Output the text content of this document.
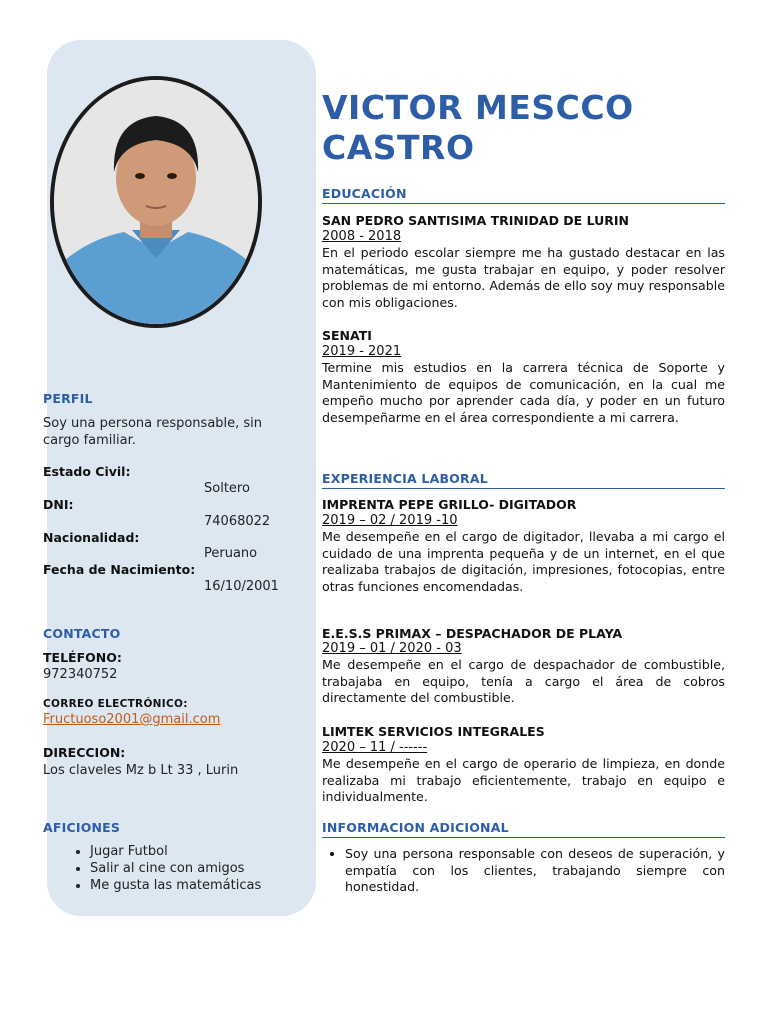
PERFIL
Soy una persona responsable, sin cargo familiar.
Estado Civil:
Soltero
DNI:
74068022
Nacionalidad:
Peruano
Fecha de Nacimiento:
16/10/2001
CONTACTO
TELÉFONO:
972340752
CORREO ELECTRÓNICO:
Fructuoso2001@gmail.com
DIRECCION:
Los claveles Mz b Lt 33 , Lurin
AFICIONES
• Jugar Futbol
• Salir al cine con amigos
• Me gusta las matemáticas
VICTOR MESCCO
CASTRO
EDUCACIÓN
SAN PEDRO SANTISIMA TRINIDAD DE LURIN
2008 - 2018

En el periodo escolar siempre me ha gustado destacar en las matemáticas, me gusta trabajar en equipo, y poder resolver problemas de mi entorno. Además de ello soy muy responsable con mis obligaciones.

SENATI
2019 - 2021

Termine mis estudios en la carrera técnica de Soporte y Mantenimiento de equipos de comunicación, en la cual me empeño mucho por aprender cada día, y poder en un futuro desempeñarme en el área correspondiente a mi carrera.

EXPERIENCIA LABORAL
IMPRENTA PEPE GRILLO- DIGITADOR
2019 – 02 / 2019 -10

Me desempeñe en el cargo de digitador, llevaba a mi cargo el cuidado de una imprenta pequeña y de un internet, en el que realizaba trabajos de digitación, impresiones, fotocopias, entre otras funciones encomendadas.

E.E.S.S PRIMAX – DESPACHADOR DE PLAYA
2019 – 01 / 2020 - 03

Me desempeñe en el cargo de despachador de combustible, trabajaba en equipo, tenía a cargo el área de cobros directamente del combustible.

LIMTEK SERVICIOS INTEGRALES
2020 – 11 / ------

Me desempeñe en el cargo de operario de limpieza, en donde realizaba mi trabajo eficientemente, trabajo en equipo e individualmente.

INFORMACION ADICIONAL
• Soy una persona responsable con deseos de superación, y empatía con los clientes, trabajando siempre con honestidad.
